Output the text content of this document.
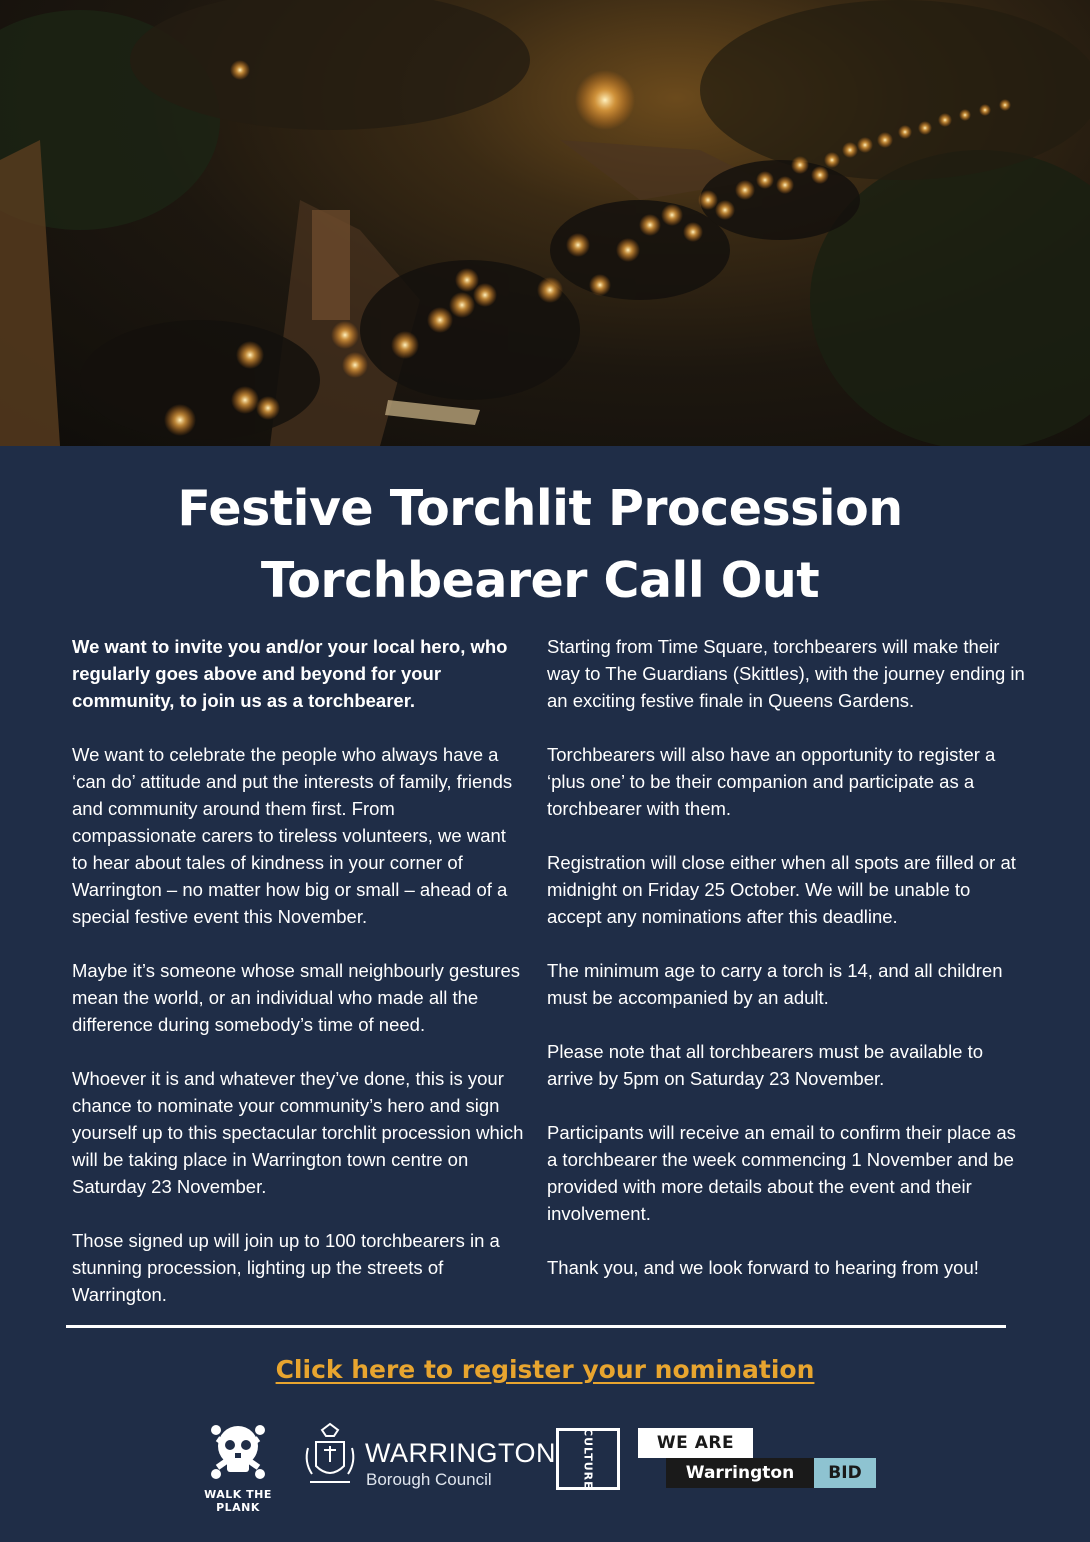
Festive Torchlit Procession
Torchbearer Call Out

We want to invite you and/or your local hero, who regularly goes above and beyond for your community, to join us as a torchbearer.

We want to celebrate the people who always have a ‘can do’ attitude and put the interests of family, friends and community around them first. From compassionate carers to tireless volunteers, we want to hear about tales of kindness in your corner of Warrington – no matter how big or small – ahead of a special festive event this November.

Maybe it’s someone whose small neighbourly gestures mean the world, or an individual who made all the difference during somebody’s time of need.

Whoever it is and whatever they’ve done, this is your chance to nominate your community’s hero and sign yourself up to this spectacular torchlit procession which will be taking place in Warrington town centre on Saturday 23 November.

Those signed up will join up to 100 torchbearers in a stunning procession, lighting up the streets of Warrington.

Starting from Time Square, torchbearers will make their way to The Guardians (Skittles), with the journey ending in an exciting festive finale in Queens Gardens.

Torchbearers will also have an opportunity to register a ‘plus one’ to be their companion and participate as a torchbearer with them.

Registration will close either when all spots are filled or at midnight on Friday 25 October. We will be unable to accept any nominations after this deadline.

The minimum age to carry a torch is 14, and all children must be accompanied by an adult.

Please note that all torchbearers must be available to arrive by 5pm on Saturday 23 November.

Participants will receive an email to confirm their place as a torchbearer the week commencing 1 November and be provided with more details about the event and their involvement.

Thank you, and we look forward to hearing from you!

Click here to register your nomination
WALK THE PLANK
WARRINGTON
Borough Council	CULTURE	WE ARE
Warrington	BID
